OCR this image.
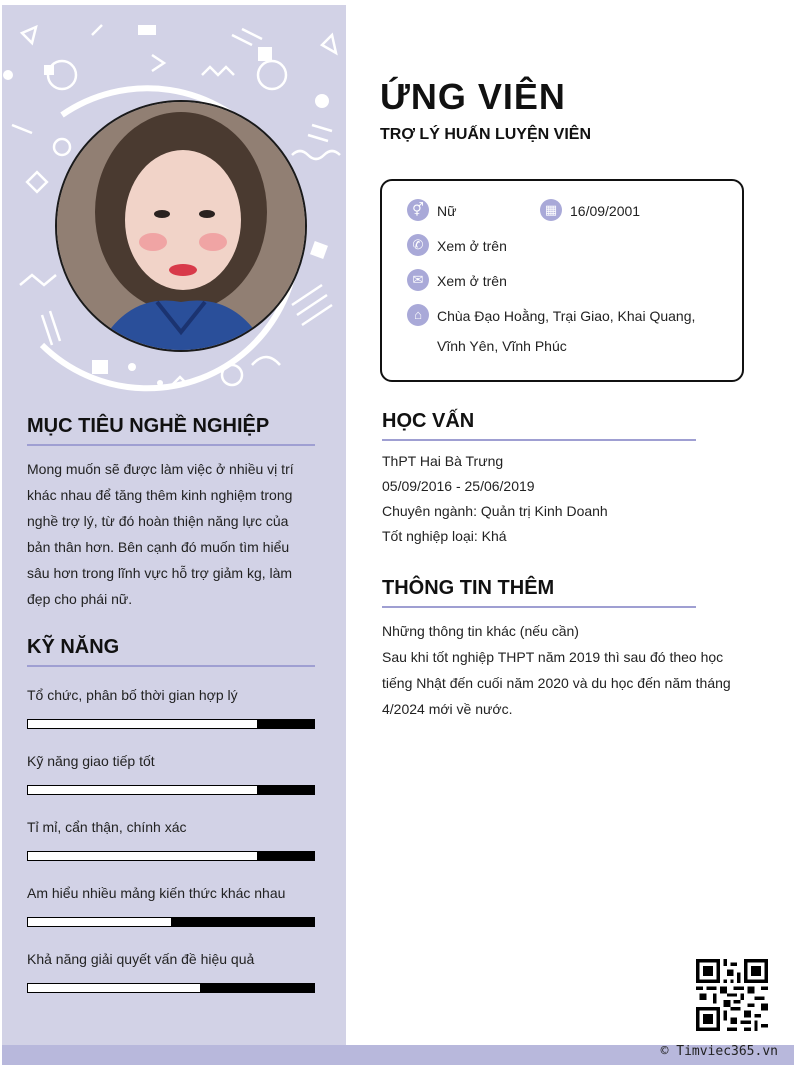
MỤC TIÊU NGHỀ NGHIỆP
Mong muốn sẽ được làm việc ở nhiều vị trí khác nhau để tăng thêm kinh nghiệm trong nghề trợ lý, từ đó hoàn thiện năng lực của bản thân hơn. Bên cạnh đó muốn tìm hiểu sâu hơn trong lĩnh vực hỗ trợ giảm kg, làm đẹp cho phái nữ.
KỸ NĂNG
Tổ chức, phân bố thời gian hợp lý
Kỹ năng giao tiếp tốt
Tỉ mỉ, cẩn thận, chính xác
Am hiểu nhiều mảng kiến thức khác nhau
Khả năng giải quyết vấn đề hiệu quả
ỨNG VIÊN
TRỢ LÝ HUẤN LUYỆN VIÊN
⚥ Nữ	▦ 16/09/2001
✆ Xem ở trên
✉ Xem ở trên
⌂	Chùa Đạo Hoằng, Trại Giao, Khai Quang, Vĩnh Yên, Vĩnh Phúc
HỌC VẤN
ThPT Hai Bà Trưng
05/09/2016 - 25/06/2019
Chuyên ngành: Quản trị Kinh Doanh
Tốt nghiệp loại: Khá
THÔNG TIN THÊM
Những thông tin khác (nếu cần)
Sau khi tốt nghiệp THPT năm 2019 thì sau đó theo học tiếng Nhật đến cuối năm 2020 và du học đến năm tháng 4/2024 mới về nước.
© Timviec365.vn
